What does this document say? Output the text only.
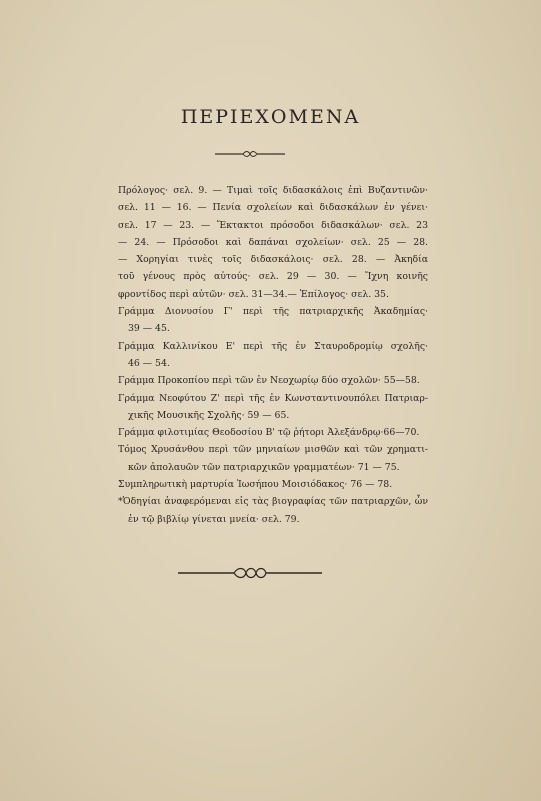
ΠΕΡΙΕΧΟΜΕΝΑ
Πρόλογος· σελ. 9. — Τιμαὶ τοῖς διδασκάλοις ἐπὶ Βυζαντινῶν·
σελ. 11 — 16. — Πενία σχολείων καὶ διδασκάλων ἐν γένει·
σελ. 17 — 23. — Ἔκτακτοι πρόσοδοι διδασκάλων· σελ. 23
— 24. — Πρόσοδοι καὶ δαπάναι σχολείων· σελ. 25 — 28.
— Χορηγίαι τινὲς τοῖς διδασκάλοις· σελ. 28. — Ἀκηδία
τοῦ γένους πρὸς αὐτούς· σελ. 29 — 30. — Ἴχνη κοινῆς
φροντίδος περὶ αὐτῶν· σελ. 31—34.— Ἐπίλογος· σελ. 35.
Γράμμα Διονυσίου Γ' περὶ τῆς πατριαρχικῆς Ἀκαδημίας·
39 — 45.
Γράμμα Καλλινίκου Ε' περὶ τῆς ἐν Σταυροδρομίῳ σχολῆς·
46 — 54.
Γράμμα Προκοπίου περὶ τῶν ἐν Νεοχωρίῳ δύο σχολῶν· 55—58.
Γράμμα Νεοφύτου Ζ' περὶ τῆς ἐν Κωνσταντινουπόλει Πατριαρ-
χικῆς Μουσικῆς Σχολῆς· 59 — 65.
Γράμμα φιλοτιμίας Θεοδοσίου Β' τῷ ῥήτορι Ἀλεξάνδρῳ·66—70.
Τόμος Χρυσάνθου περὶ τῶν μηνιαίων μισθῶν καὶ τῶν χρηματι-
κῶν ἀπολαυῶν τῶν πατριαρχικῶν γραμματέων· 71 — 75.
Συμπληρωτικὴ μαρτυρία Ἰωσήπου Μοισιόδακος· 76 — 78.
*Ὁδηγίαι ἀναφερόμεναι εἰς τὰς βιογραφίας τῶν πατριαρχῶν, ὧν
ἐν τῷ βιβλίῳ γίνεται μνεία· σελ. 79.
